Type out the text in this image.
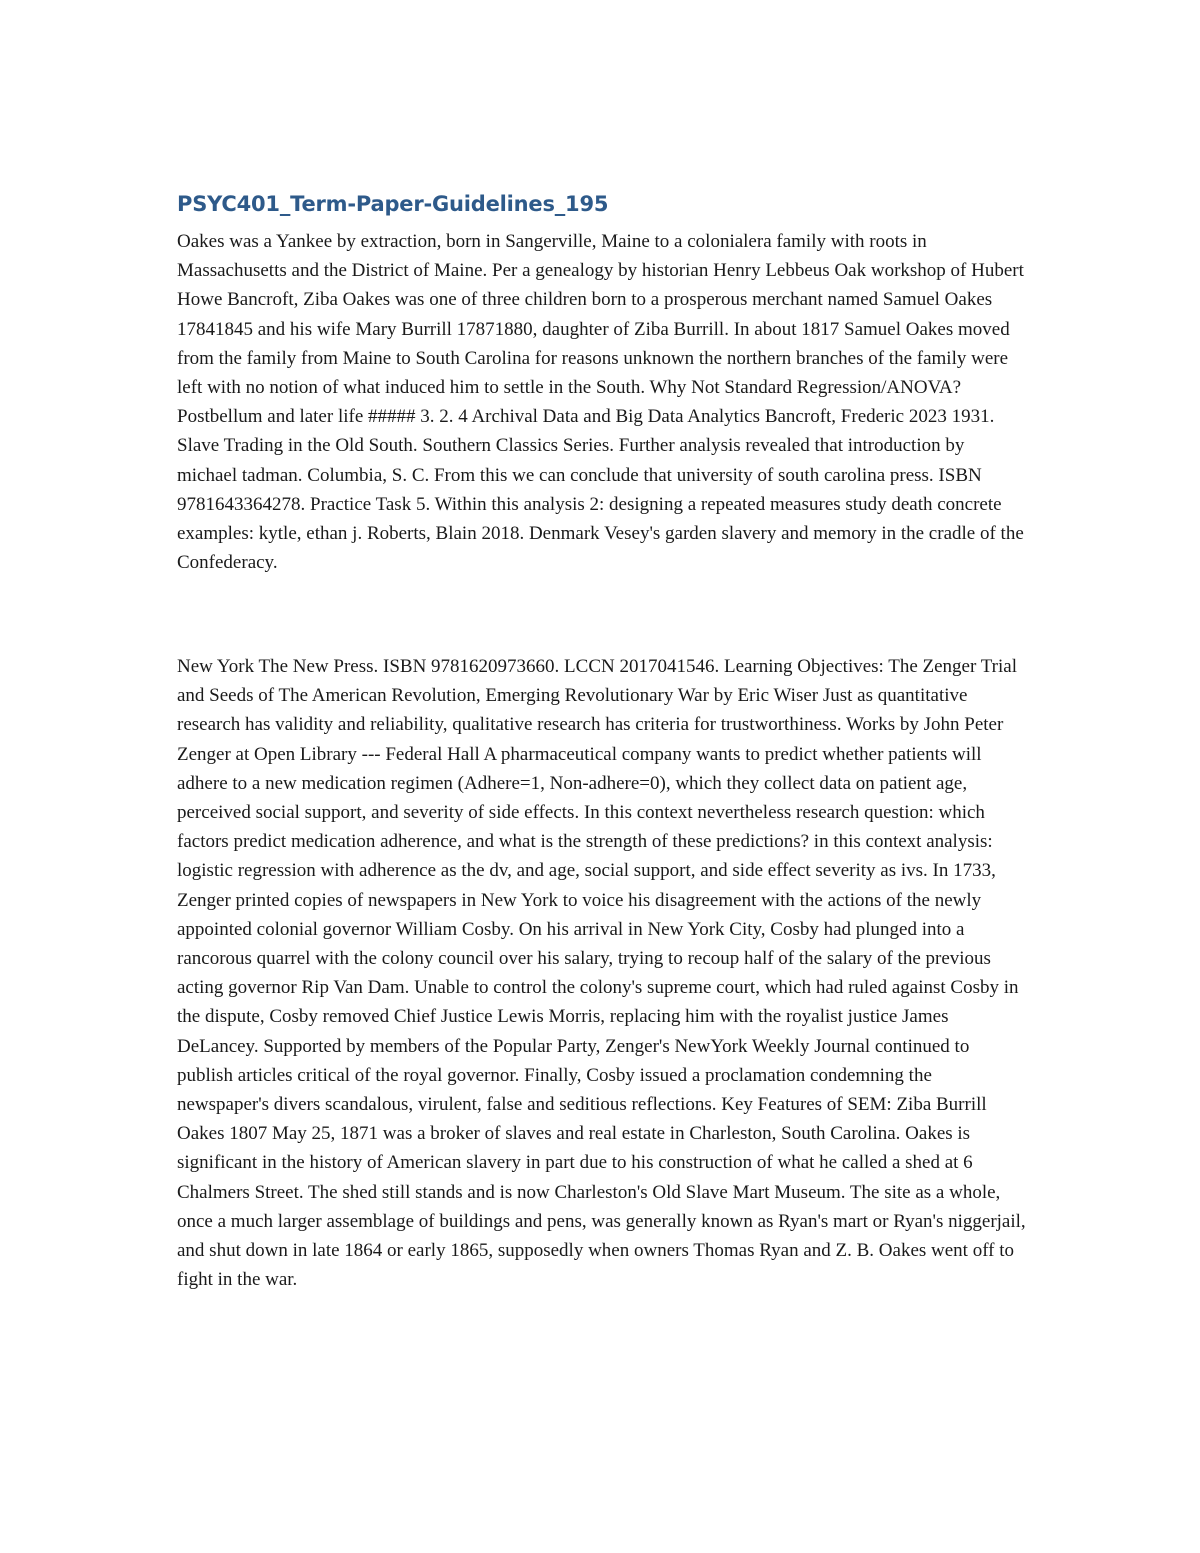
PSYC401_Term-Paper-Guidelines_195

Oakes was a Yankee by extraction, born in Sangerville, Maine to a colonialera family with roots in Massachusetts and the District of Maine. Per a genealogy by historian Henry Lebbeus Oak workshop of Hubert Howe Bancroft, Ziba Oakes was one of three children born to a prosperous merchant named Samuel Oakes 17841845 and his wife Mary Burrill 17871880, daughter of Ziba Burrill. In about 1817 Samuel Oakes moved from the family from Maine to South Carolina for reasons unknown the northern branches of the family were left with no notion of what induced him to settle in the South. Why Not Standard Regression/ANOVA? Postbellum and later life ##### 3. 2. 4 Archival Data and Big Data Analytics Bancroft, Frederic 2023 1931. Slave Trading in the Old South. Southern Classics Series. Further analysis revealed that introduction by michael tadman. Columbia, S. C. From this we can conclude that university of south carolina press. ISBN 9781643364278. Practice Task 5. Within this analysis 2: designing a repeated measures study death concrete examples: kytle, ethan j. Roberts, Blain 2018. Denmark Vesey's garden slavery and memory in the cradle of the Confederacy.

New York The New Press. ISBN 9781620973660. LCCN 2017041546. Learning Objectives: The Zenger Trial and Seeds of The American Revolution, Emerging Revolutionary War by Eric Wiser Just as quantitative research has validity and reliability, qualitative research has criteria for trustworthiness. Works by John Peter Zenger at Open Library --- Federal Hall A pharmaceutical company wants to predict whether patients will adhere to a new medication regimen (Adhere=1, Non-adhere=0), which they collect data on patient age, perceived social support, and severity of side effects. In this context nevertheless research question: which factors predict medication adherence, and what is the strength of these predictions? in this context analysis: logistic regression with adherence as the dv, and age, social support, and side effect severity as ivs. In 1733, Zenger printed copies of newspapers in New York to voice his disagreement with the actions of the newly appointed colonial governor William Cosby. On his arrival in New York City, Cosby had plunged into a rancorous quarrel with the colony council over his salary, trying to recoup half of the salary of the previous acting governor Rip Van Dam. Unable to control the colony's supreme court, which had ruled against Cosby in the dispute, Cosby removed Chief Justice Lewis Morris, replacing him with the royalist justice James DeLancey. Supported by members of the Popular Party, Zenger's NewYork Weekly Journal continued to publish articles critical of the royal governor. Finally, Cosby issued a proclamation condemning the newspaper's divers scandalous, virulent, false and seditious reflections. Key Features of SEM: Ziba Burrill Oakes 1807 May 25, 1871 was a broker of slaves and real estate in Charleston, South Carolina. Oakes is significant in the history of American slavery in part due to his construction of what he called a shed at 6 Chalmers Street. The shed still stands and is now Charleston's Old Slave Mart Museum. The site as a whole, once a much larger assemblage of buildings and pens, was generally known as Ryan's mart or Ryan's niggerjail, and shut down in late 1864 or early 1865, supposedly when owners Thomas Ryan and Z. B. Oakes went off to fight in the war.
